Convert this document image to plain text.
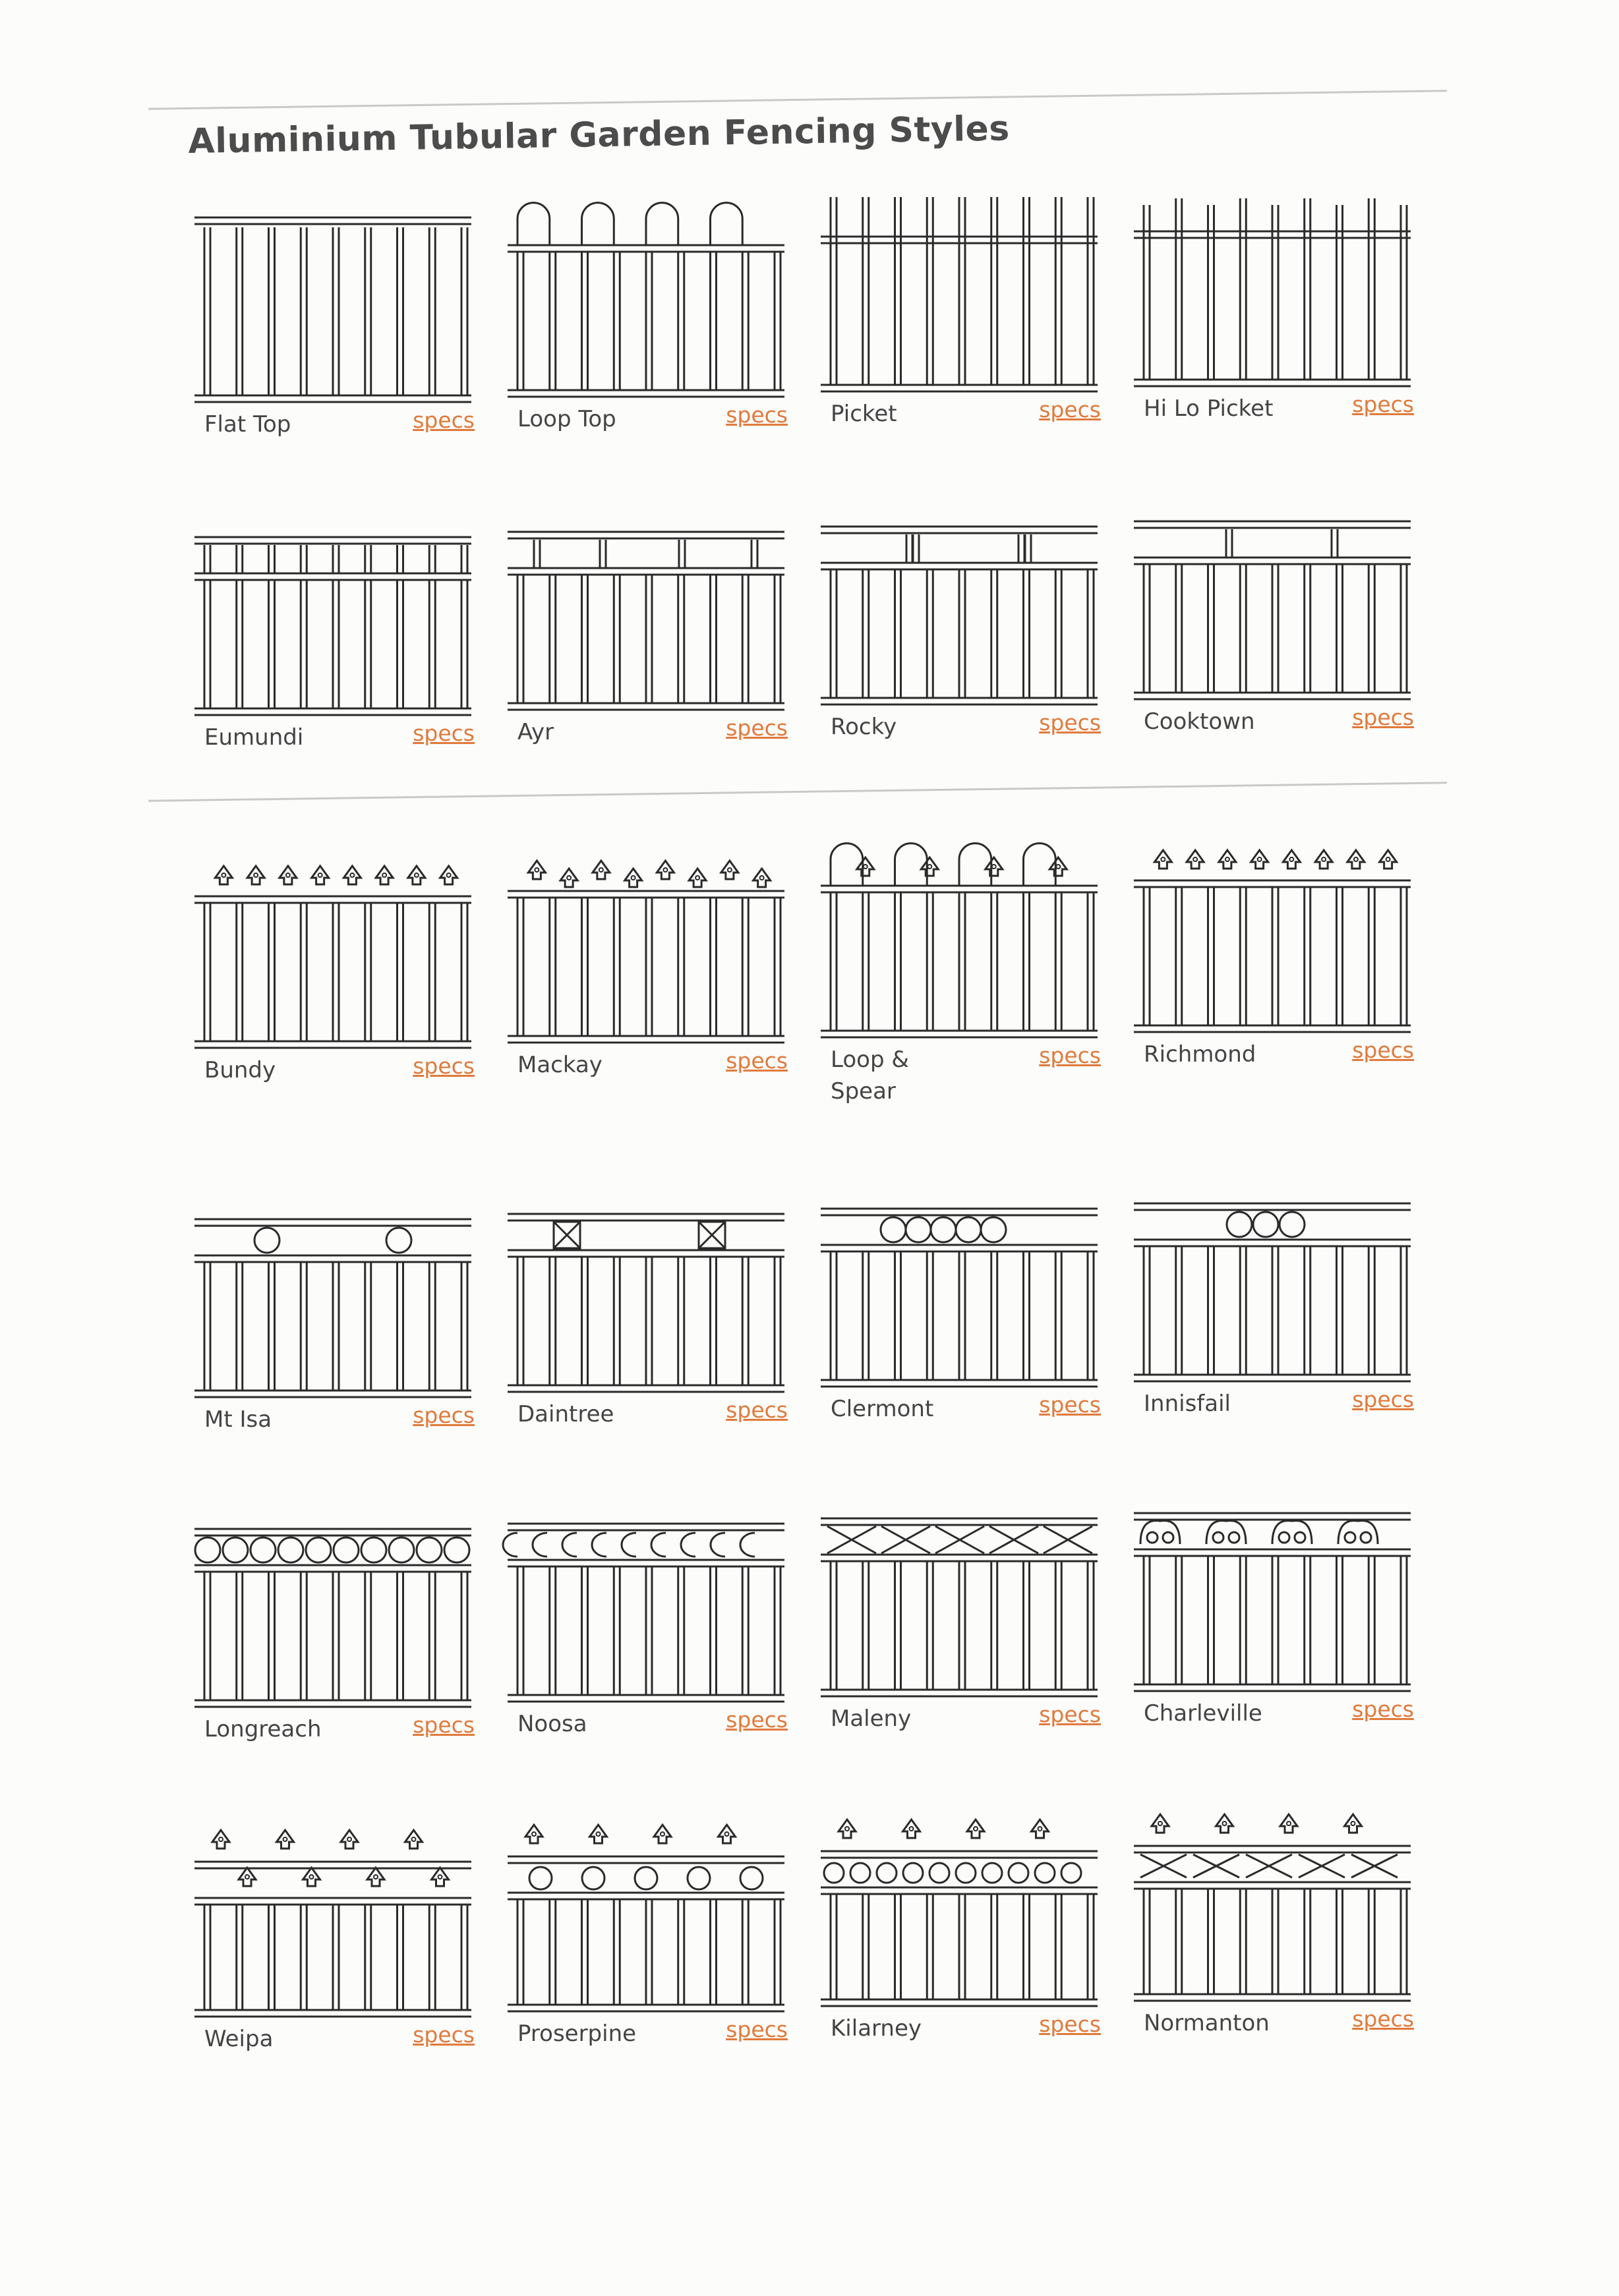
Aluminium Tubular Garden Fencing Styles
Flat Top	specs Loop Top	specs Picket	specs Hi Lo Picket	specs
Eumundi	specs Ayr	specs Rocky	specs Cooktown	specs
Bundy	specs Mackay	specs Loop &
Spear
specs Richmond	specs
Mt Isa	specs Daintree	specs Clermont	specs Innisfail	specs
Longreach	specs Noosa	specs Maleny	specs Charleville	specs
Weipa	specs Proserpine	specs Kilarney	specs Normanton	specs
